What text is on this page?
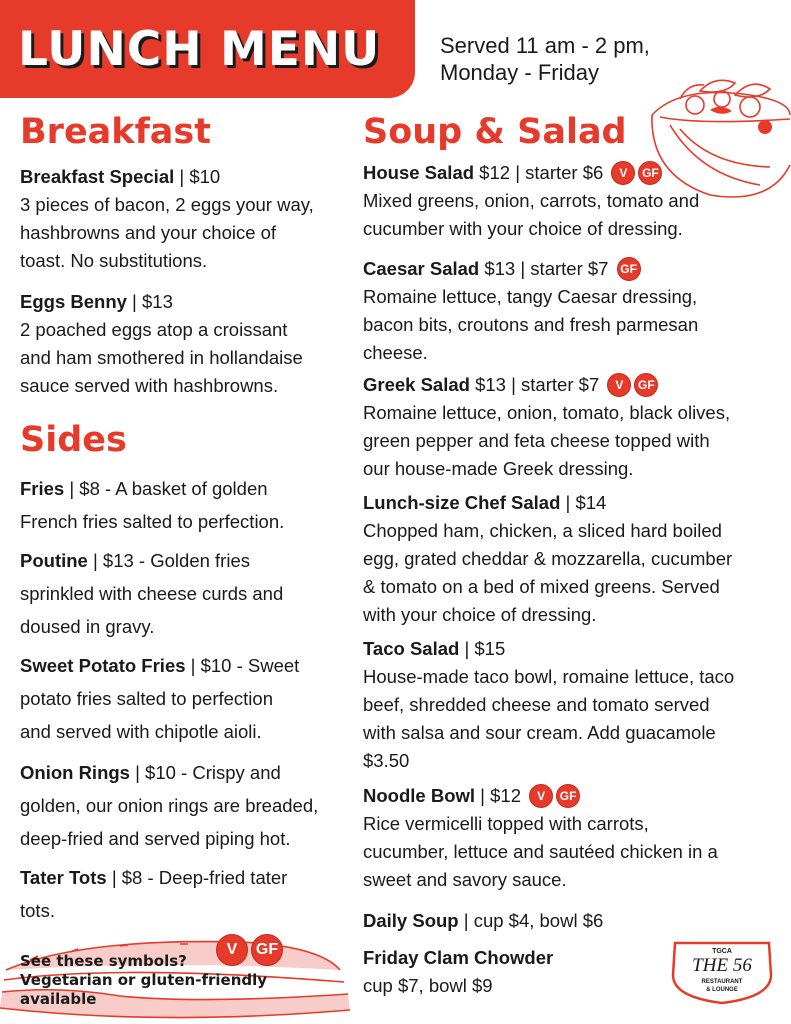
LUNCH MENU	Served 11 am - 2 pm,
Monday - Friday
Breakfast
Breakfast Special | $10
3 pieces of bacon, 2 eggs your way,
hashbrowns and your choice of
toast. No substitutions.
Eggs Benny | $13
2 poached eggs atop a croissant
and ham smothered in hollandaise
sauce served with hashbrowns.
Sides
Fries | $8 - A basket of golden
French fries salted to perfection.
Poutine | $13 - Golden fries
sprinkled with cheese curds and
doused in gravy.
Sweet Potato Fries | $10 - Sweet
potato fries salted to perfection
and served with chipotle aioli.
Onion Rings | $10 - Crispy and
golden, our onion rings are breaded,
deep-fried and served piping hot.
Tater Tots | $8 - Deep-fried tater
tots.
Soup & Salad
House Salad $12 | starter $6 V GF
Mixed greens, onion, carrots, tomato and
cucumber with your choice of dressing.
Caesar Salad $13 | starter $7 GF
Romaine lettuce, tangy Caesar dressing,
bacon bits, croutons and fresh parmesan
cheese.
Greek Salad $13 | starter $7 V GF
Romaine lettuce, onion, tomato, black olives,
green pepper and feta cheese topped with
our house-made Greek dressing.
Lunch-size Chef Salad | $14
Chopped ham, chicken, a sliced hard boiled
egg, grated cheddar & mozzarella, cucumber
& tomato on a bed of mixed greens. Served
with your choice of dressing.
Taco Salad | $15
House-made taco bowl, romaine lettuce, taco
beef, shredded cheese and tomato served
with salsa and sour cream. Add guacamole
$3.50
Noodle Bowl | $12 V GF
Rice vermicelli topped with carrots,
cucumber, lettuce and sautéed chicken in a
sweet and savory sauce.
Daily Soup | cup $4, bowl $6
Friday Clam Chowder
cup $7, bowl $9
V GF
See these symbols?
Vegetarian or gluten-friendly
available
TGCA
THE 56
RESTAURANT
& LOUNGE
